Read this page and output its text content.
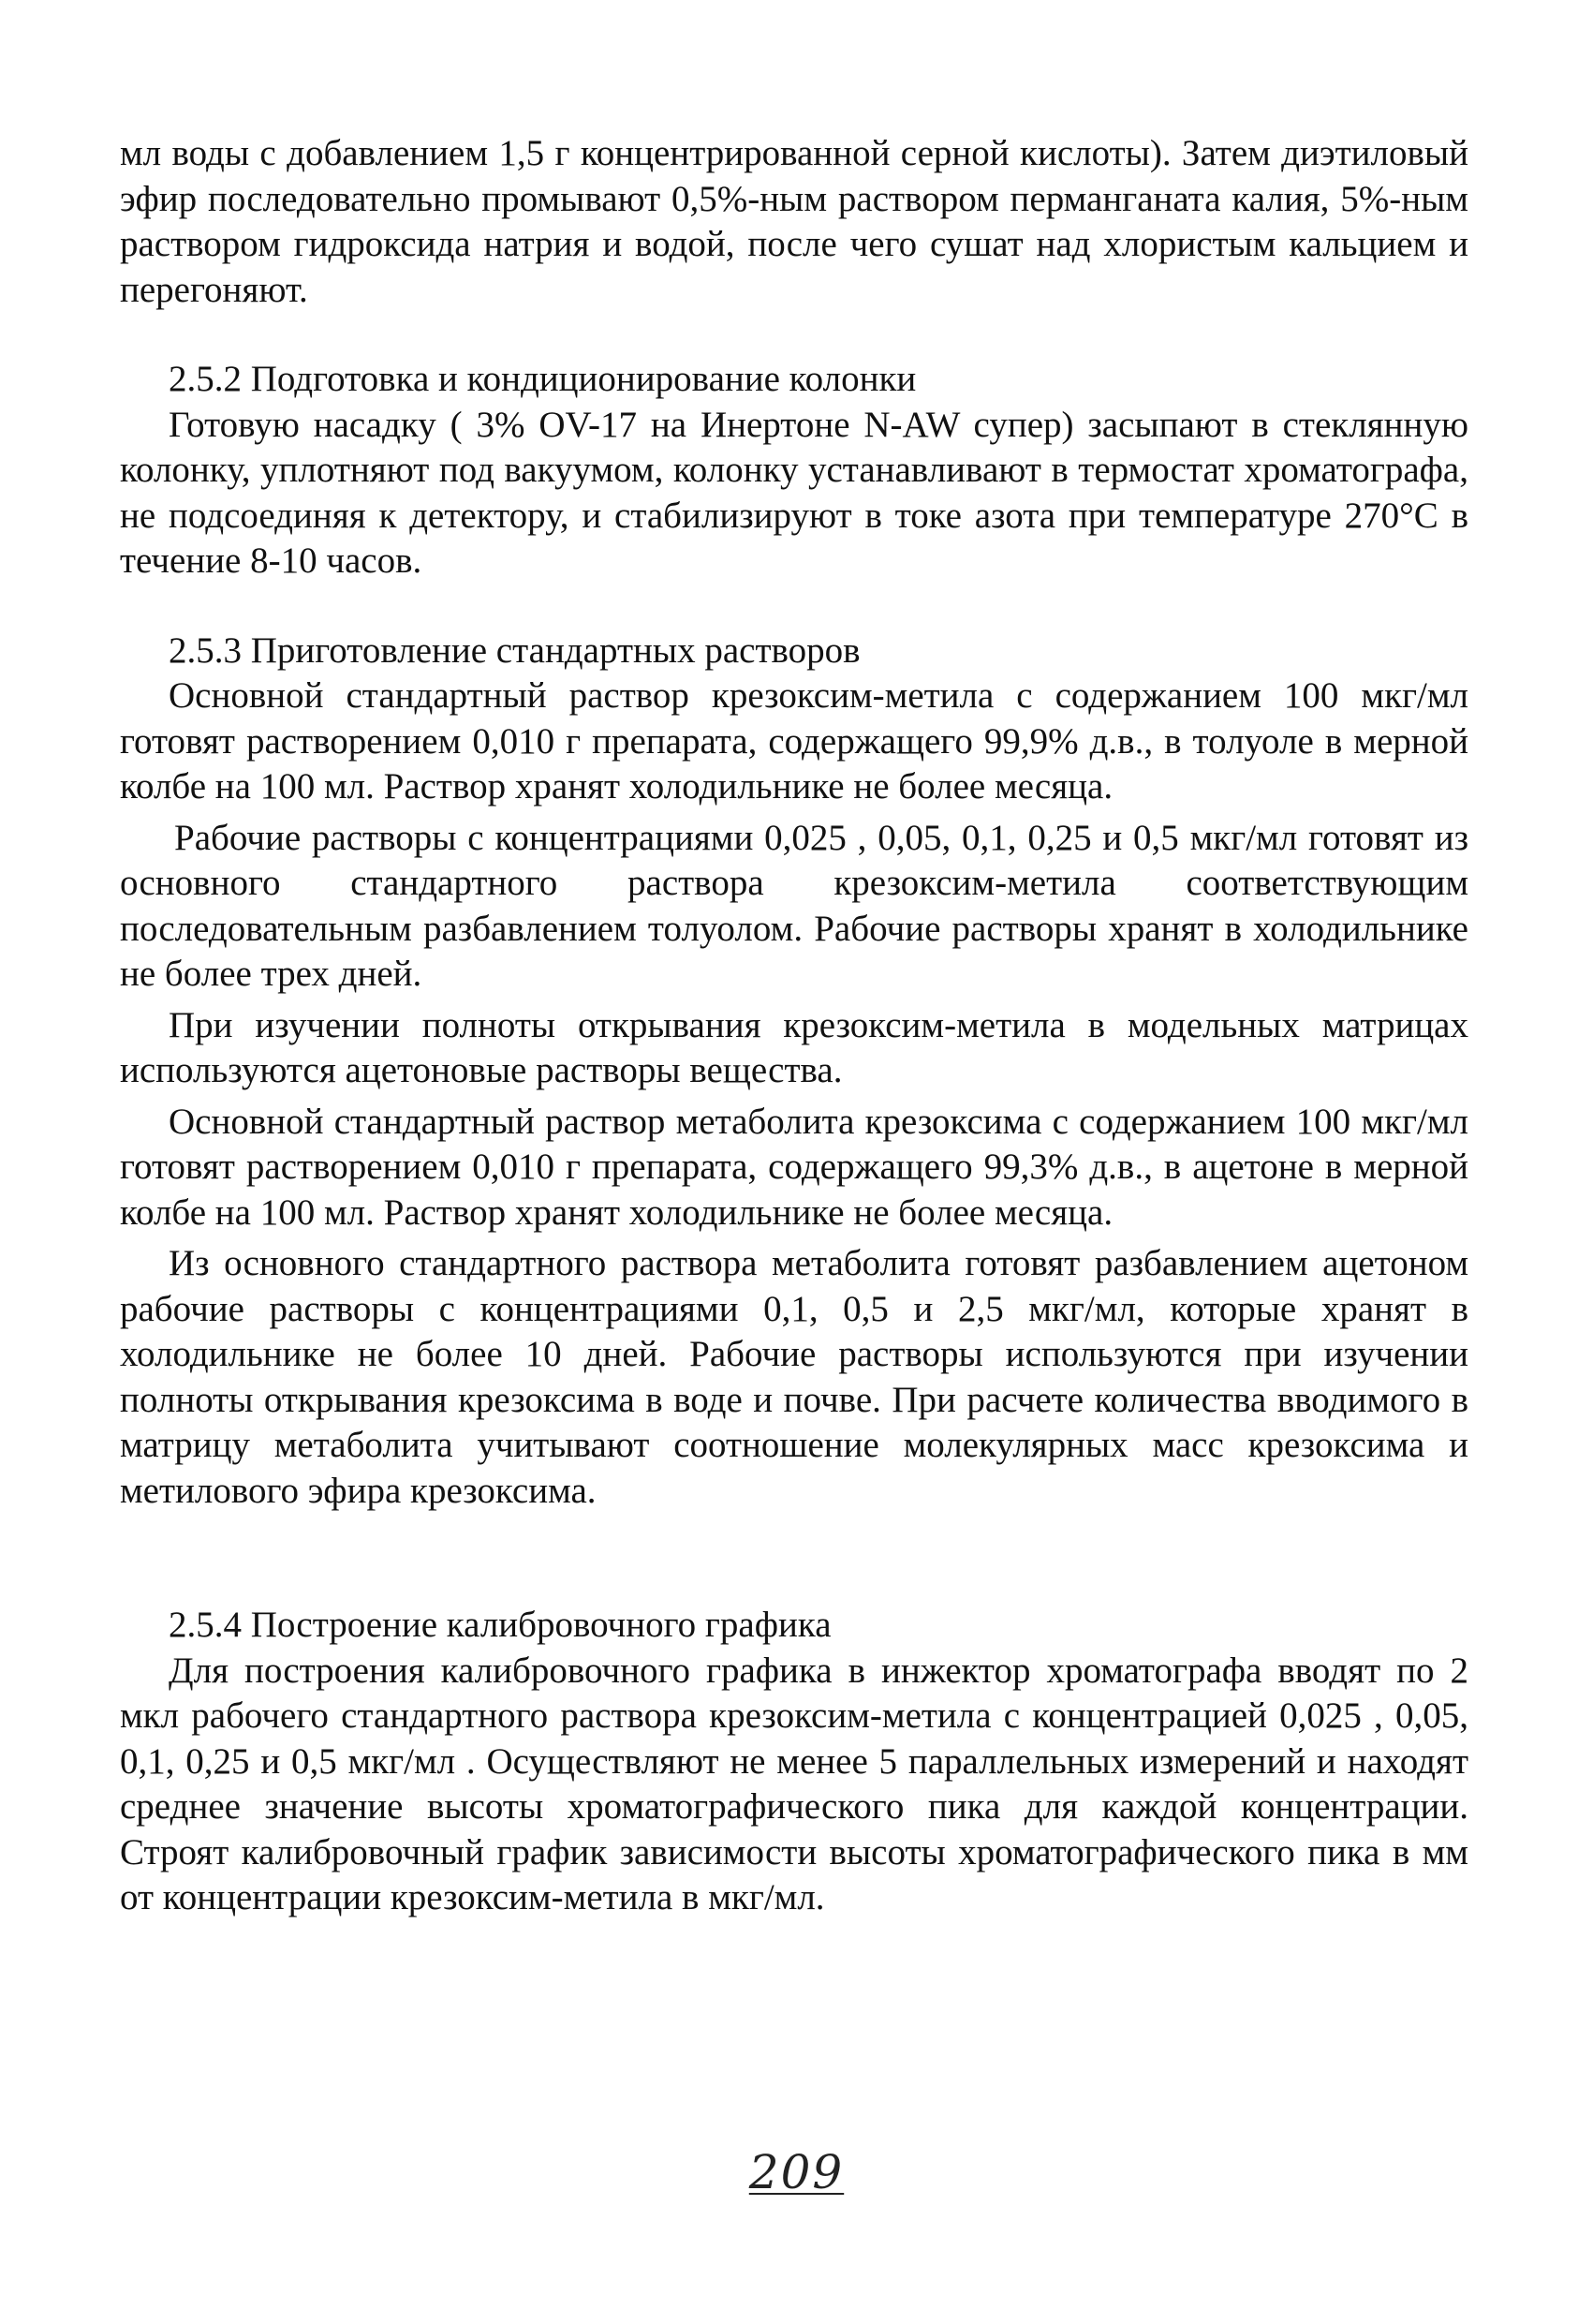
мл воды с добавлением 1,5 г концентрированной серной кислоты). Затем диэтиловый эфир последовательно промывают 0,5%-ным раствором перманганата калия, 5%-ным раствором гидроксида натрия и водой, после чего сушат над хлористым кальцием и перегоняют.

2.5.2 Подготовка и кондиционирование колонки

Готовую насадку ( 3% OV-17 на Инертоне N-AW супер) засыпают в стеклянную колонку, уплотняют под вакуумом, колонку устанавливают в термостат хроматографа, не подсоединяя к детектору, и стабилизируют в токе азота при температуре 270°С в течение 8-10 часов.

2.5.3 Приготовление стандартных растворов

Основной стандартный раствор крезоксим-метила с содержанием 100 мкг/мл готовят растворением 0,010 г препарата, содержащего 99,9% д.в., в толуоле в мерной колбе на 100 мл. Раствор хранят холодильнике не более месяца.

Рабочие растворы с концентрациями 0,025 , 0,05, 0,1, 0,25 и 0,5 мкг/мл готовят из основного стандартного раствора крезоксим-метила соответствующим последовательным разбавлением толуолом. Рабочие растворы хранят в холодильнике не более трех дней.

При изучении полноты открывания крезоксим-метила в модельных матрицах используются ацетоновые растворы вещества.

Основной стандартный раствор метаболита крезоксима с содержанием 100 мкг/мл готовят растворением 0,010 г препарата, содержащего 99,3% д.в., в ацетоне в мерной колбе на 100 мл. Раствор хранят холодильнике не более месяца.

Из основного стандартного раствора метаболита готовят разбавлением ацетоном рабочие растворы с концентрациями 0,1, 0,5 и 2,5 мкг/мл, которые хранят в холодильнике не более 10 дней. Рабочие растворы используются при изучении полноты открывания крезоксима в воде и почве. При расчете количества вводимого в матрицу метаболита учитывают соотношение молекулярных масс крезоксима и метилового эфира крезоксима.

2.5.4 Построение калибровочного графика

Для построения калибровочного графика в инжектор хроматографа вводят по 2 мкл рабочего стандартного раствора крезоксим-метила с концентрацией 0,025 , 0,05, 0,1, 0,25 и 0,5 мкг/мл . Осуществляют не менее 5 параллельных измерений и находят среднее значение высоты хроматографического пика для каждой концентрации. Строят калибровочный график зависимости высоты хроматографического пика в мм от концентрации крезоксим-метила в мкг/мл.

209
